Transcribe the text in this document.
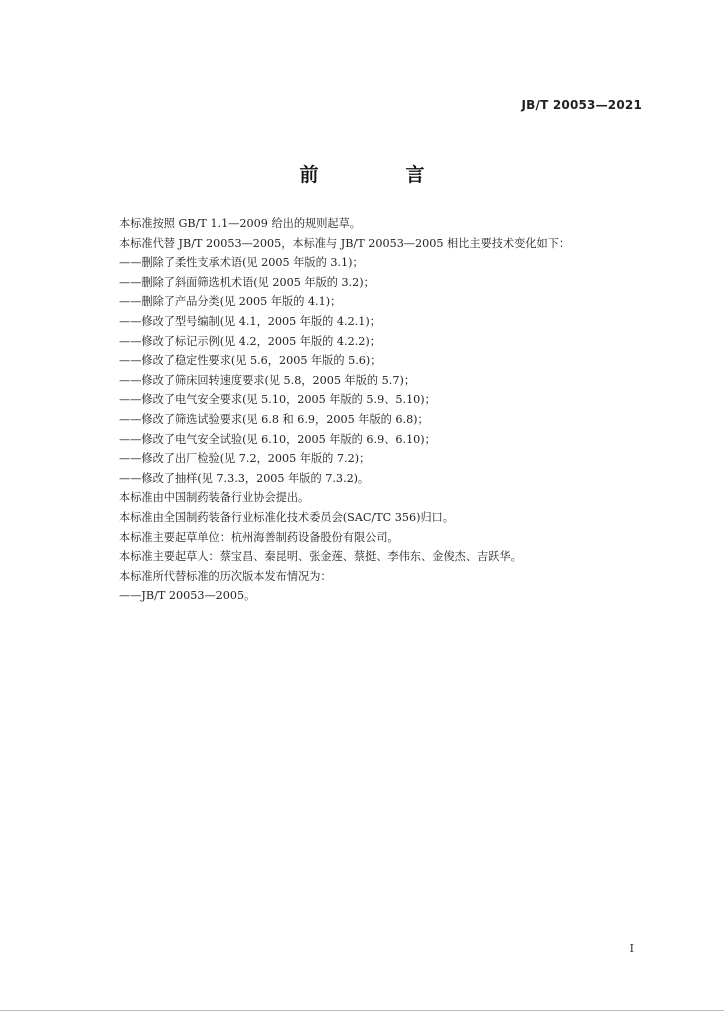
JB/T 20053—2021
前　言
本标准按照 GB/T 1.1—2009 给出的规则起草。
本标准代替 JB/T 20053—2005，本标准与 JB/T 20053—2005 相比主要技术变化如下：
——删除了柔性支承术语(见 2005 年版的 3.1)；
——删除了斜面筛选机术语(见 2005 年版的 3.2)；
——删除了产品分类(见 2005 年版的 4.1)；
——修改了型号编制(见 4.1，2005 年版的 4.2.1)；
——修改了标记示例(见 4.2，2005 年版的 4.2.2)；
——修改了稳定性要求(见 5.6，2005 年版的 5.6)；
——修改了筛床回转速度要求(见 5.8，2005 年版的 5.7)；
——修改了电气安全要求(见 5.10，2005 年版的 5.9、5.10)；
——修改了筛选试验要求(见 6.8 和 6.9，2005 年版的 6.8)；
——修改了电气安全试验(见 6.10，2005 年版的 6.9、6.10)；
——修改了出厂检验(见 7.2，2005 年版的 7.2)；
——修改了抽样(见 7.3.3，2005 年版的 7.3.2)。
本标准由中国制药装备行业协会提出。
本标准由全国制药装备行业标准化技术委员会(SAC/TC 356)归口。
本标准主要起草单位：杭州海善制药设备股份有限公司。
本标准主要起草人：蔡宝昌、秦昆明、张金莲、蔡挺、李伟东、金俊杰、吉跃华。
本标准所代替标准的历次版本发布情况为：
——JB/T 20053—2005。
I
